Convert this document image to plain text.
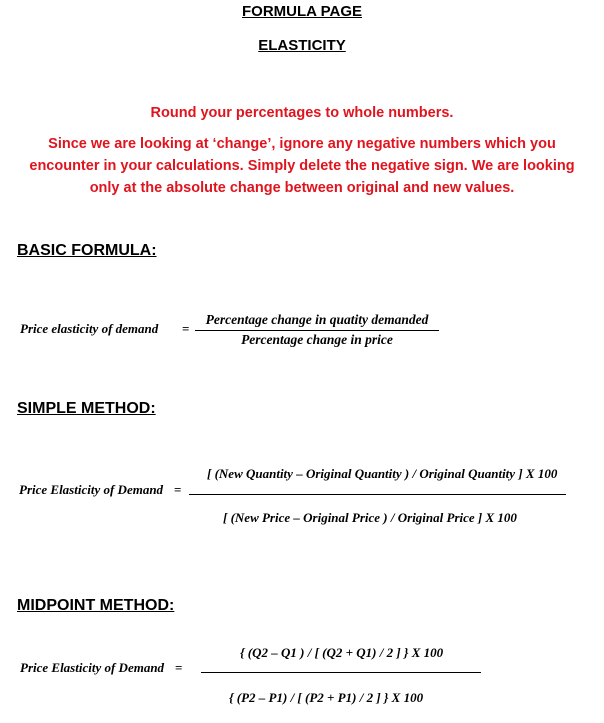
FORMULA PAGE
ELASTICITY
Round your percentages to whole numbers.
Since we are looking at ‘change’, ignore any negative numbers which you
encounter in your calculations. Simply delete the negative sign. We are looking
only at the absolute change between original and new values.
BASIC FORMULA:
Price elasticity of demand =
Percentage change in quatity demanded
Percentage change in price
SIMPLE METHOD:
Price Elasticity of Demand =
[ (New Quantity – Original Quantity ) / Original Quantity ] X 100
[ (New Price – Original Price ) / Original Price ] X 100
MIDPOINT METHOD:
Price Elasticity of Demand =
{ (Q2 – Q1 ) / [ (Q2 + Q1) / 2 ] } X 100
{ (P2 – P1) / [ (P2 + P1) / 2 ] } X 100
